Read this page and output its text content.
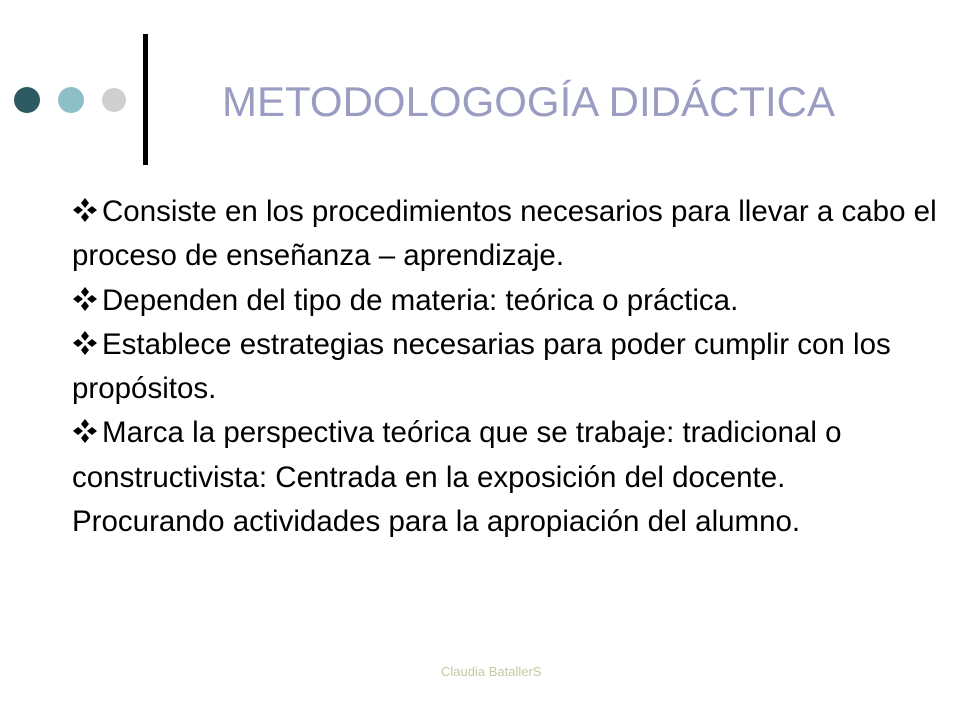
METODOLOGOGÍA DIDÁCTICA
Consiste en los procedimientos necesarios para llevar a cabo el proceso de enseñanza – aprendizaje.
Dependen del tipo de materia: teórica o práctica.
Establece estrategias necesarias para poder cumplir con los propósitos.
Marca la perspectiva teórica que se trabaje: tradicional o constructivista: Centrada en la exposición del docente. Procurando actividades para la apropiación del alumno.
Claudia BatallerS
